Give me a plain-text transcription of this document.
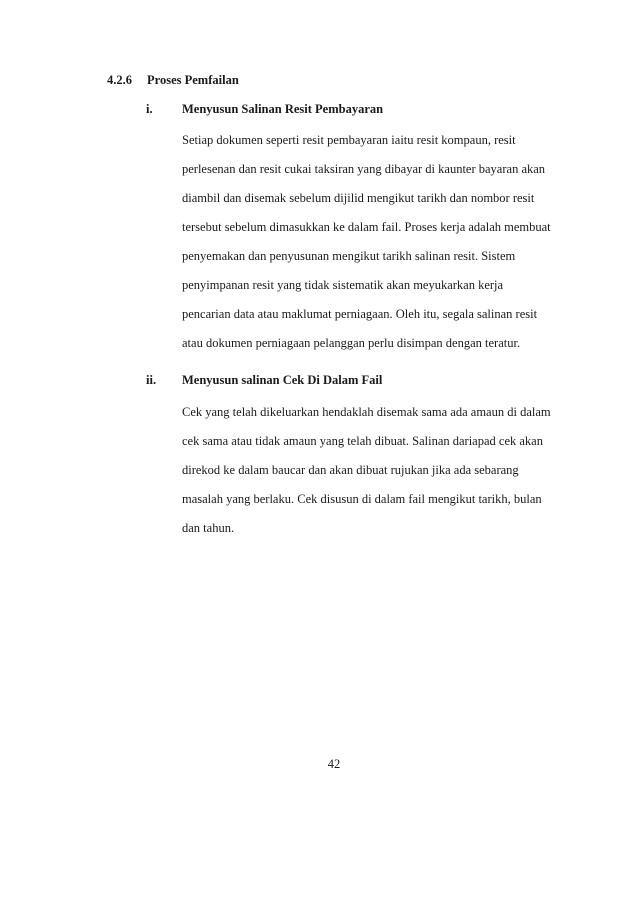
4.2.6 Proses Pemfailan
i. Menyusun Salinan Resit Pembayaran
Setiap dokumen seperti resit pembayaran iaitu resit kompaun, resit
perlesenan dan resit cukai taksiran yang dibayar di kaunter bayaran akan
diambil dan disemak sebelum dijilid mengikut tarikh dan nombor resit
tersebut sebelum dimasukkan ke dalam fail. Proses kerja adalah membuat
penyemakan dan penyusunan mengikut tarikh salinan resit. Sistem
penyimpanan resit yang tidak sistematik akan meyukarkan kerja
pencarian data atau maklumat perniagaan. Oleh itu, segala salinan resit
atau dokumen perniagaan pelanggan perlu disimpan dengan teratur.
ii. Menyusun salinan Cek Di Dalam Fail
Cek yang telah dikeluarkan hendaklah disemak sama ada amaun di dalam
cek sama atau tidak amaun yang telah dibuat. Salinan dariapad cek akan
direkod ke dalam baucar dan akan dibuat rujukan jika ada sebarang
masalah yang berlaku. Cek disusun di dalam fail mengikut tarikh, bulan
dan tahun.
42
